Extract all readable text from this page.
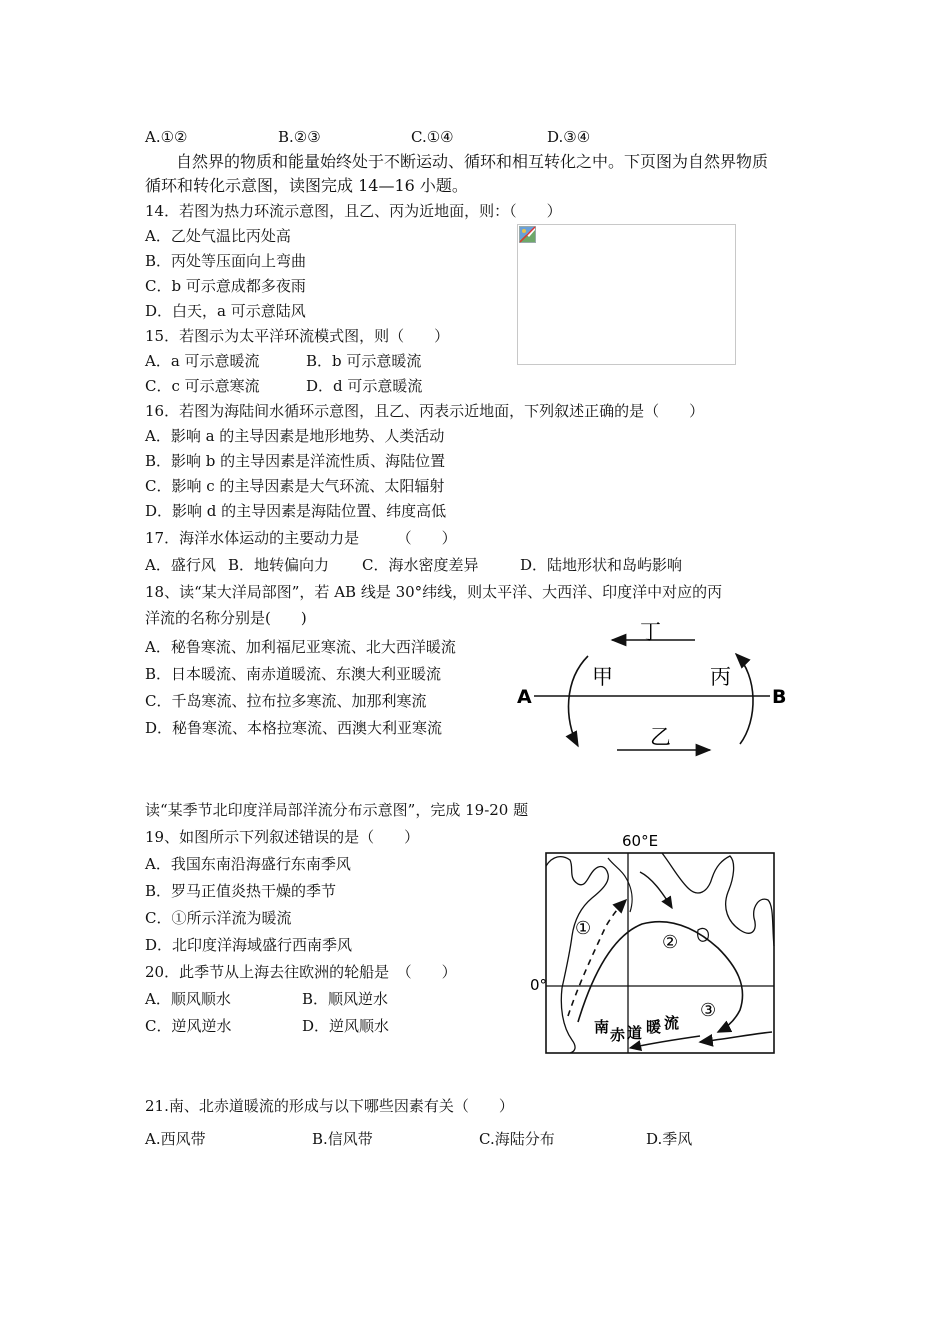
A.①②	B.②③	C.①④	D.③④
自然界的物质和能量始终处于不断运动、循环和相互转化之中。下页图为自然界物质
循环和转化示意图，读图完成 14—16 小题。
14．若图为热力环流示意图，且乙、丙为近地面，则：（　　）
A．乙处气温比丙处高
B．丙处等压面向上弯曲
C．b 可示意成都多夜雨
D．白天，a 可示意陆风
15．若图示为太平洋环流模式图，则（　　）
A．a 可示意暖流	B．b 可示意暖流
C．c 可示意寒流	D．d 可示意暖流
16．若图为海陆间水循环示意图，且乙、丙表示近地面，下列叙述正确的是（　　）
A．影响 a 的主导因素是地形地势、人类活动
B．影响 b 的主导因素是洋流性质、海陆位置
C．影响 c 的主导因素是大气环流、太阳辐射
D．影响 d 的主导因素是海陆位置、纬度高低
17．海洋水体运动的主要动力是　　　（　　）
A．盛行风 B．地转偏向力 C．海水密度差异	D．陆地形状和岛屿影响
18、读“某大洋局部图”，若 AB 线是 30°纬线，则太平洋、大西洋、印度洋中对应的丙
洋流的名称分别是(　　)
A．秘鲁寒流、加利福尼亚寒流、北大西洋暖流
B．日本暖流、南赤道暖流、东澳大利亚暖流
C．千岛寒流、拉布拉多寒流、加那利寒流
D．秘鲁寒流、本格拉寒流、西澳大利亚寒流
丁
甲	丙
乙
A	B
读“某季节北印度洋局部洋流分布示意图”，完成 19-20 题
19、如图所示下列叙述错误的是（　　）
A．我国东南沿海盛行东南季风
B．罗马正值炎热干燥的季节
C．①所示洋流为暖流
D．北印度洋海域盛行西南季风
20．此季节从上海去往欧洲的轮船是　（　　）
A．顺风顺水	B．顺风逆水
C．逆风逆水	D．逆风顺水
60°E
0°
①
②
③
南 赤 道 暖 流
21.南、北赤道暖流的形成与以下哪些因素有关（　　）
A.西风带	B.信风带	C.海陆分布	D.季风
